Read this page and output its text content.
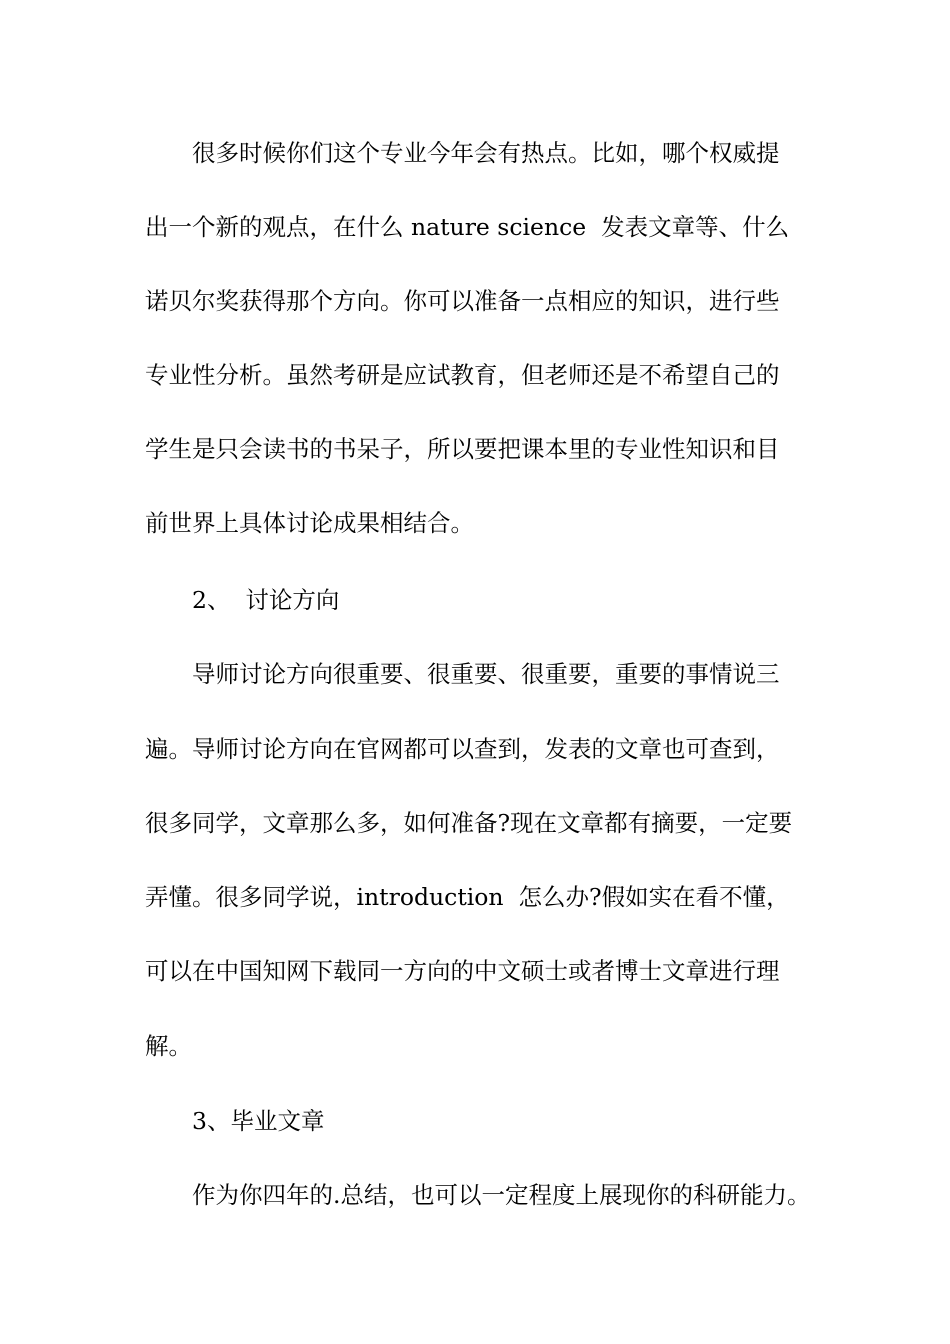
很多时候你们这个专业今年会有热点。比如，哪个权威提
出一个新的观点，在什么 nature science  发表文章等、什么
诺贝尔奖获得那个方向。你可以准备一点相应的知识，进行些
专业性分析。虽然考研是应试教育，但老师还是不希望自己的
学生是只会读书的书呆子，所以要把课本里的专业性知识和目
前世界上具体讨论成果相结合。
2、  讨论方向
导师讨论方向很重要、很重要、很重要，重要的事情说三
遍。导师讨论方向在官网都可以查到，发表的文章也可查到，
很多同学，文章那么多，如何准备?现在文章都有摘要，一定要
弄懂。很多同学说，introduction  怎么办?假如实在看不懂，
可以在中国知网下载同一方向的中文硕士或者博士文章进行理
解。
3、毕业文章
作为你四年的.总结，也可以一定程度上展现你的科研能力。
